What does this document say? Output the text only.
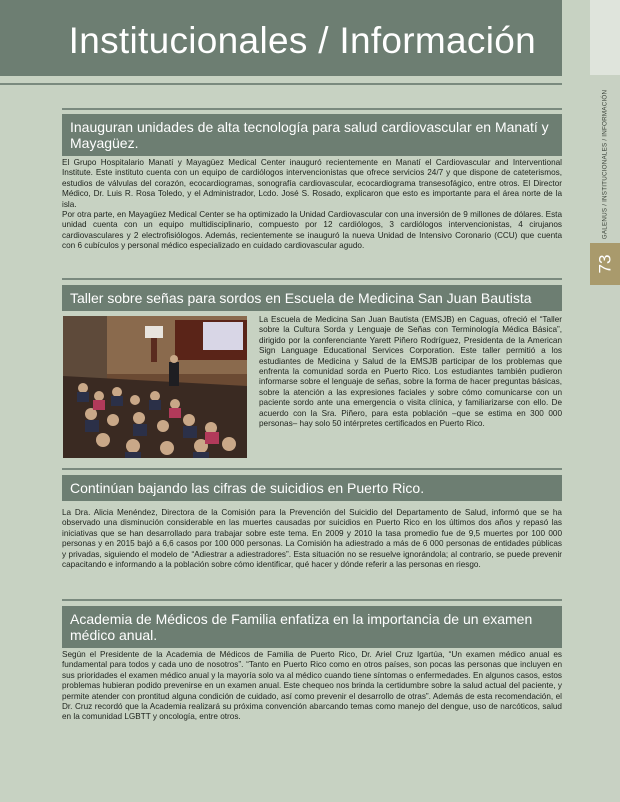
Institucionales / Información
GALENUS / INSTITUCIONALES / INFORMACIÓN
73
Inauguran unidades de alta tecnología para salud cardiovascular en Manatí y Mayagüez.

El Grupo Hospitalario Manatí y Mayagüez Medical Center inauguró recientemente en Manatí el Cardiovascular and Interventional Institute. Este instituto cuenta con un equipo de cardiólogos intervencionistas que ofrece servicios 24/7 y que dispone de cateterismos, estudios de válvulas del corazón, ecocardiogramas, sonografía cardiovascular, ecocardiograma transesofágico, entre otros. El Director Médico, Dr. Luis R. Rosa Toledo, y el Administrador, Lcdo. José S. Rosado, explicaron que esto es importante para el área norte de la isla.

Por otra parte, en Mayagüez Medical Center se ha optimizado la Unidad Cardiovascular con una inversión de 9 millones de dólares. Esta unidad cuenta con un equipo multidisciplinario, compuesto por 12 cardiólogos, 3 cardiólogos intervencionistas, 4 cirujanos cardiovasculares y 2 electrofisiólogos. Además, recientemente se inauguró la nueva Unidad de Intensivo Coronario (CCU) que cuenta con 6 cubículos y personal médico especializado en cuidado cardiovascular agudo.

Taller sobre señas para sordos en Escuela de Medicina San Juan Bautista

La Escuela de Medicina San Juan Bautista (EMSJB) en Caguas, ofreció el “Taller sobre la Cultura Sorda y Lenguaje de Señas con Terminología Médica Básica”, dirigido por la conferenciante Yarett Piñero Rodríguez, Presidenta de la American Sign Language Educational Services Corporation. Este taller permitió a los estudiantes de Medicina y Salud de la EMSJB participar de los problemas que enfrenta la comunidad sorda en Puerto Rico. Los estudiantes también pudieron informarse sobre el lenguaje de señas, sobre la forma de hacer preguntas básicas, sobre la atención a las expresiones faciales y sobre cómo comunicarse con un paciente sordo ante una emergencia o visita clínica, y familiarizarse con ello. De acuerdo con la Sra. Piñero, para esta población –que se estima en 300 000 personas– hay solo 50 intérpretes certificados en Puerto Rico.

Continúan bajando las cifras de suicidios en Puerto Rico.

La Dra. Alicia Menéndez, Directora de la Comisión para la Prevención del Suicidio del Departamento de Salud, informó que se ha observado una disminución considerable en las muertes causadas por suicidios en Puerto Rico en los últimos dos años y repasó las iniciativas que se han desarrollado para trabajar sobre este tema. En 2009 y 2010 la tasa promedio fue de 9,5 muertes por 100 000 personas y en 2015 bajó a 6,6 casos por 100 000 personas. La Comisión ha adiestrado a más de 6 000 personas de entidades públicas y privadas, siguiendo el modelo de “Adiestrar a adiestradores”. Esta situación no se resuelve ignorándola; al contrario, se puede prevenir capacitando e informando a la población sobre cómo identificar, qué hacer y dónde referir a las personas en riesgo.

Academia de Médicos de Familia enfatiza en la importancia de un examen médico anual.

Según el Presidente de la Academia de Médicos de Familia de Puerto Rico, Dr. Ariel Cruz Igartúa, “Un examen médico anual es fundamental para todos y cada uno de nosotros”. “Tanto en Puerto Rico como en otros países, son pocas las personas que incluyen en sus prioridades el examen médico anual y la mayoría solo va al médico cuando tiene síntomas o enfermedades. En algunos casos, estos problemas hubieran podido prevenirse en un examen anual. Este chequeo nos brinda la certidumbre sobre la salud actual del paciente, y permite atender con prontitud alguna condición de cuidado, así como prevenir el desarrollo de otras”. Además de esta recomendación, el Dr. Cruz recordó que la Academia realizará su próxima convención abarcando temas como manejo del dengue, uso de narcóticos, salud en la comunidad LGBTT y oncología, entre otros.
